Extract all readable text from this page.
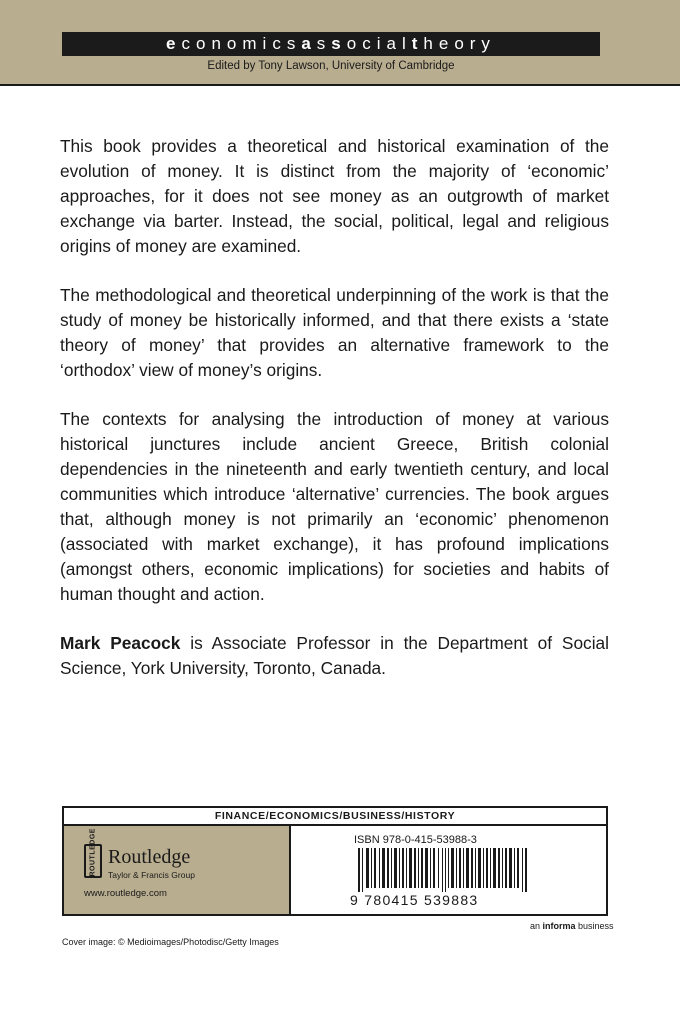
economics as social theory
Edited by Tony Lawson, University of Cambridge

This book provides a theoretical and historical examination of the evolution of money. It is distinct from the majority of ‘economic’ approaches, for it does not see money as an outgrowth of market exchange via barter. Instead, the social, political, legal and religious origins of money are examined.

The methodological and theoretical underpinning of the work is that the study of money be historically informed, and that there exists a ‘state theory of money’ that provides an alternative framework to the ‘orthodox’ view of money’s origins.

The contexts for analysing the introduction of money at various historical junctures include ancient Greece, British colonial dependencies in the nineteenth and early twentieth century, and local communities which introduce ‘alternative’ currencies. The book argues that, although money is not primarily an ‘economic’ phenomenon (associated with market exchange), it has profound implications (amongst others, economic implications) for societies and habits of human thought and action.

Mark Peacock is Associate Professor in the Department of Social Science, York University, Toronto, Canada.

FINANCE/ECONOMICS/BUSINESS/HISTORY
ROUTLEDGE Routledge
Taylor & Francis Group
www.routledge.com
ISBN 978-0-415-53988-3
9 780415 539883
an informa business
Cover image: © Medioimages/Photodisc/Getty Images
